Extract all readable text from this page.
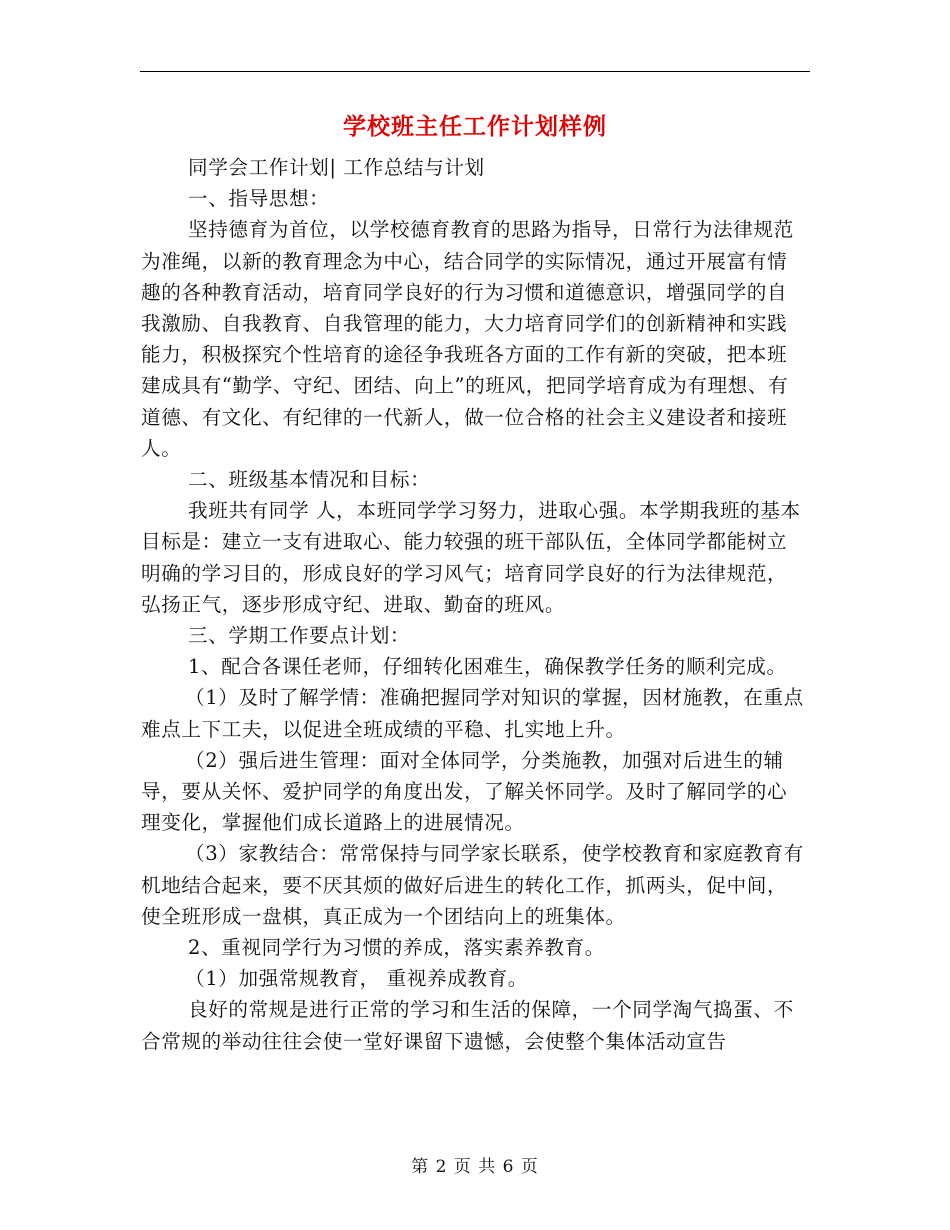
学校班主任工作计划样例

同学会工作计划| 工作总结与计划

一、指导思想：

坚持德育为首位，以学校德育教育的思路为指导，日常行为法律规范为准绳，以新的教育理念为中心，结合同学的实际情况，通过开展富有情趣的各种教育活动，培育同学良好的行为习惯和道德意识，增强同学的自我激励、自我教育、自我管理的能力，大力培育同学们的创新精神和实践能力，积极探究个性培育的途径争我班各方面的工作有新的突破，把本班建成具有“勤学、守纪、团结、向上”的班风，把同学培育成为有理想、有道德、有文化、有纪律的一代新人，做一位合格的社会主义建设者和接班人。

二、班级基本情况和目标：

我班共有同学 人，本班同学学习努力，进取心强。本学期我班的基本目标是：建立一支有进取心、能力较强的班干部队伍，全体同学都能树立明确的学习目的，形成良好的学习风气；培育同学良好的行为法律规范，弘扬正气，逐步形成守纪、进取、勤奋的班风。

三、学期工作要点计划：

1、配合各课任老师，仔细转化困难生，确保教学任务的顺利完成。

（1）及时了解学情：准确把握同学对知识的掌握，因材施教，在重点难点上下工夫，以促进全班成绩的平稳、扎实地上升。

（2）强后进生管理：面对全体同学，分类施教，加强对后进生的辅导，要从关怀、爱护同学的角度出发，了解关怀同学。及时了解同学的心理变化，掌握他们成长道路上的进展情况。

（3）家教结合：常常保持与同学家长联系，使学校教育和家庭教育有机地结合起来，要不厌其烦的做好后进生的转化工作，抓两头，促中间，使全班形成一盘棋，真正成为一个团结向上的班集体。

2、重视同学行为习惯的养成，落实素养教育。

（1）加强常规教育， 重视养成教育。

良好的常规是进行正常的学习和生活的保障，一个同学淘气捣蛋、不合常规的举动往往会使一堂好课留下遗憾，会使整个集体活动宣告

第 2 页 共 6 页
